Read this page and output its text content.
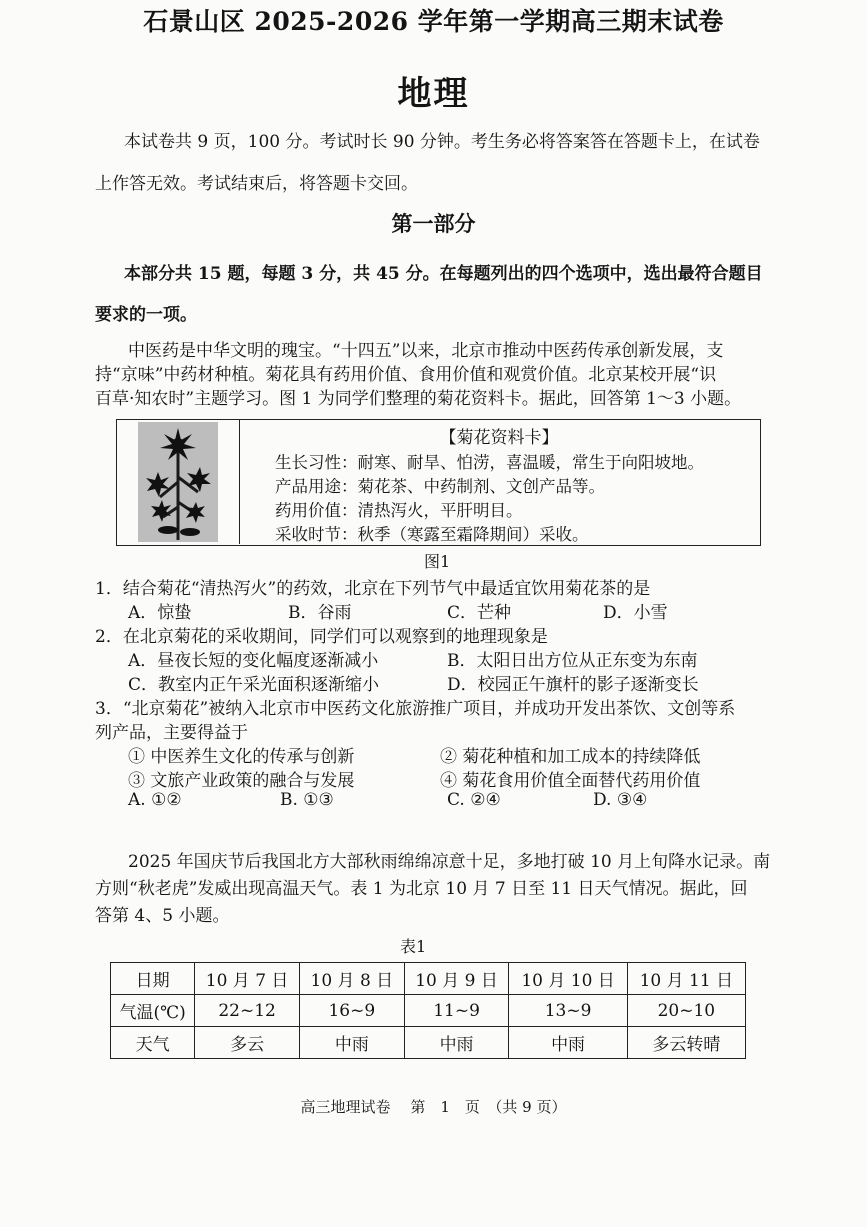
石景山区 2025-2026 学年第一学期高三期末试卷
地理
本试卷共 9 页，100 分。考试时长 90 分钟。考生务必将答案答在答题卡上，在试卷
上作答无效。考试结束后，将答题卡交回。
第一部分
本部分共 15 题，每题 3 分，共 45 分。在每题列出的四个选项中，选出最符合题目
要求的一项。
中医药是中华文明的瑰宝。“十四五”以来，北京市推动中医药传承创新发展，支
持“京味”中药材种植。菊花具有药用价值、食用价值和观赏价值。北京某校开展“识
百草·知农时”主题学习。图 1 为同学们整理的菊花资料卡。据此，回答第 1～3 小题。
【菊花资料卡】
生长习性：耐寒、耐旱、怕涝，喜温暖，常生于向阳坡地。
产品用途：菊花茶、中药制剂、文创产品等。
药用价值：清热泻火，平肝明目。
采收时节：秋季（寒露至霜降期间）采收。
图1
1．结合菊花“清热泻火”的药效，北京在下列节气中最适宜饮用菊花茶的是
A．惊蛰	B．谷雨	C．芒种	D．小雪
2．在北京菊花的采收期间，同学们可以观察到的地理现象是
A．昼夜长短的变化幅度逐渐减小	B．太阳日出方位从正东变为东南
C．教室内正午采光面积逐渐缩小	D．校园正午旗杆的影子逐渐变长
3．“北京菊花”被纳入北京市中医药文化旅游推广项目，并成功开发出茶饮、文创等系
列产品，主要得益于
① 中医养生文化的传承与创新	② 菊花种植和加工成本的持续降低
③ 文旅产业政策的融合与发展	④ 菊花食用价值全面替代药用价值
A. ①②	B. ①③	C. ②④	D. ③④
2025 年国庆节后我国北方大部秋雨绵绵凉意十足，多地打破 10 月上旬降水记录。南
方则“秋老虎”发威出现高温天气。表 1 为北京 10 月 7 日至 11 日天气情况。据此，回
答第 4、5 小题。
表1
日期	10 月 7 日	10 月 8 日	10 月 9 日	10 月 10 日	10 月 11 日
气温(℃)	22~12	16~9	11~9	13~9	20~10
天气	多云	中雨	中雨	中雨	多云转晴
高三地理试卷　 第　1　页　（共 9 页）
